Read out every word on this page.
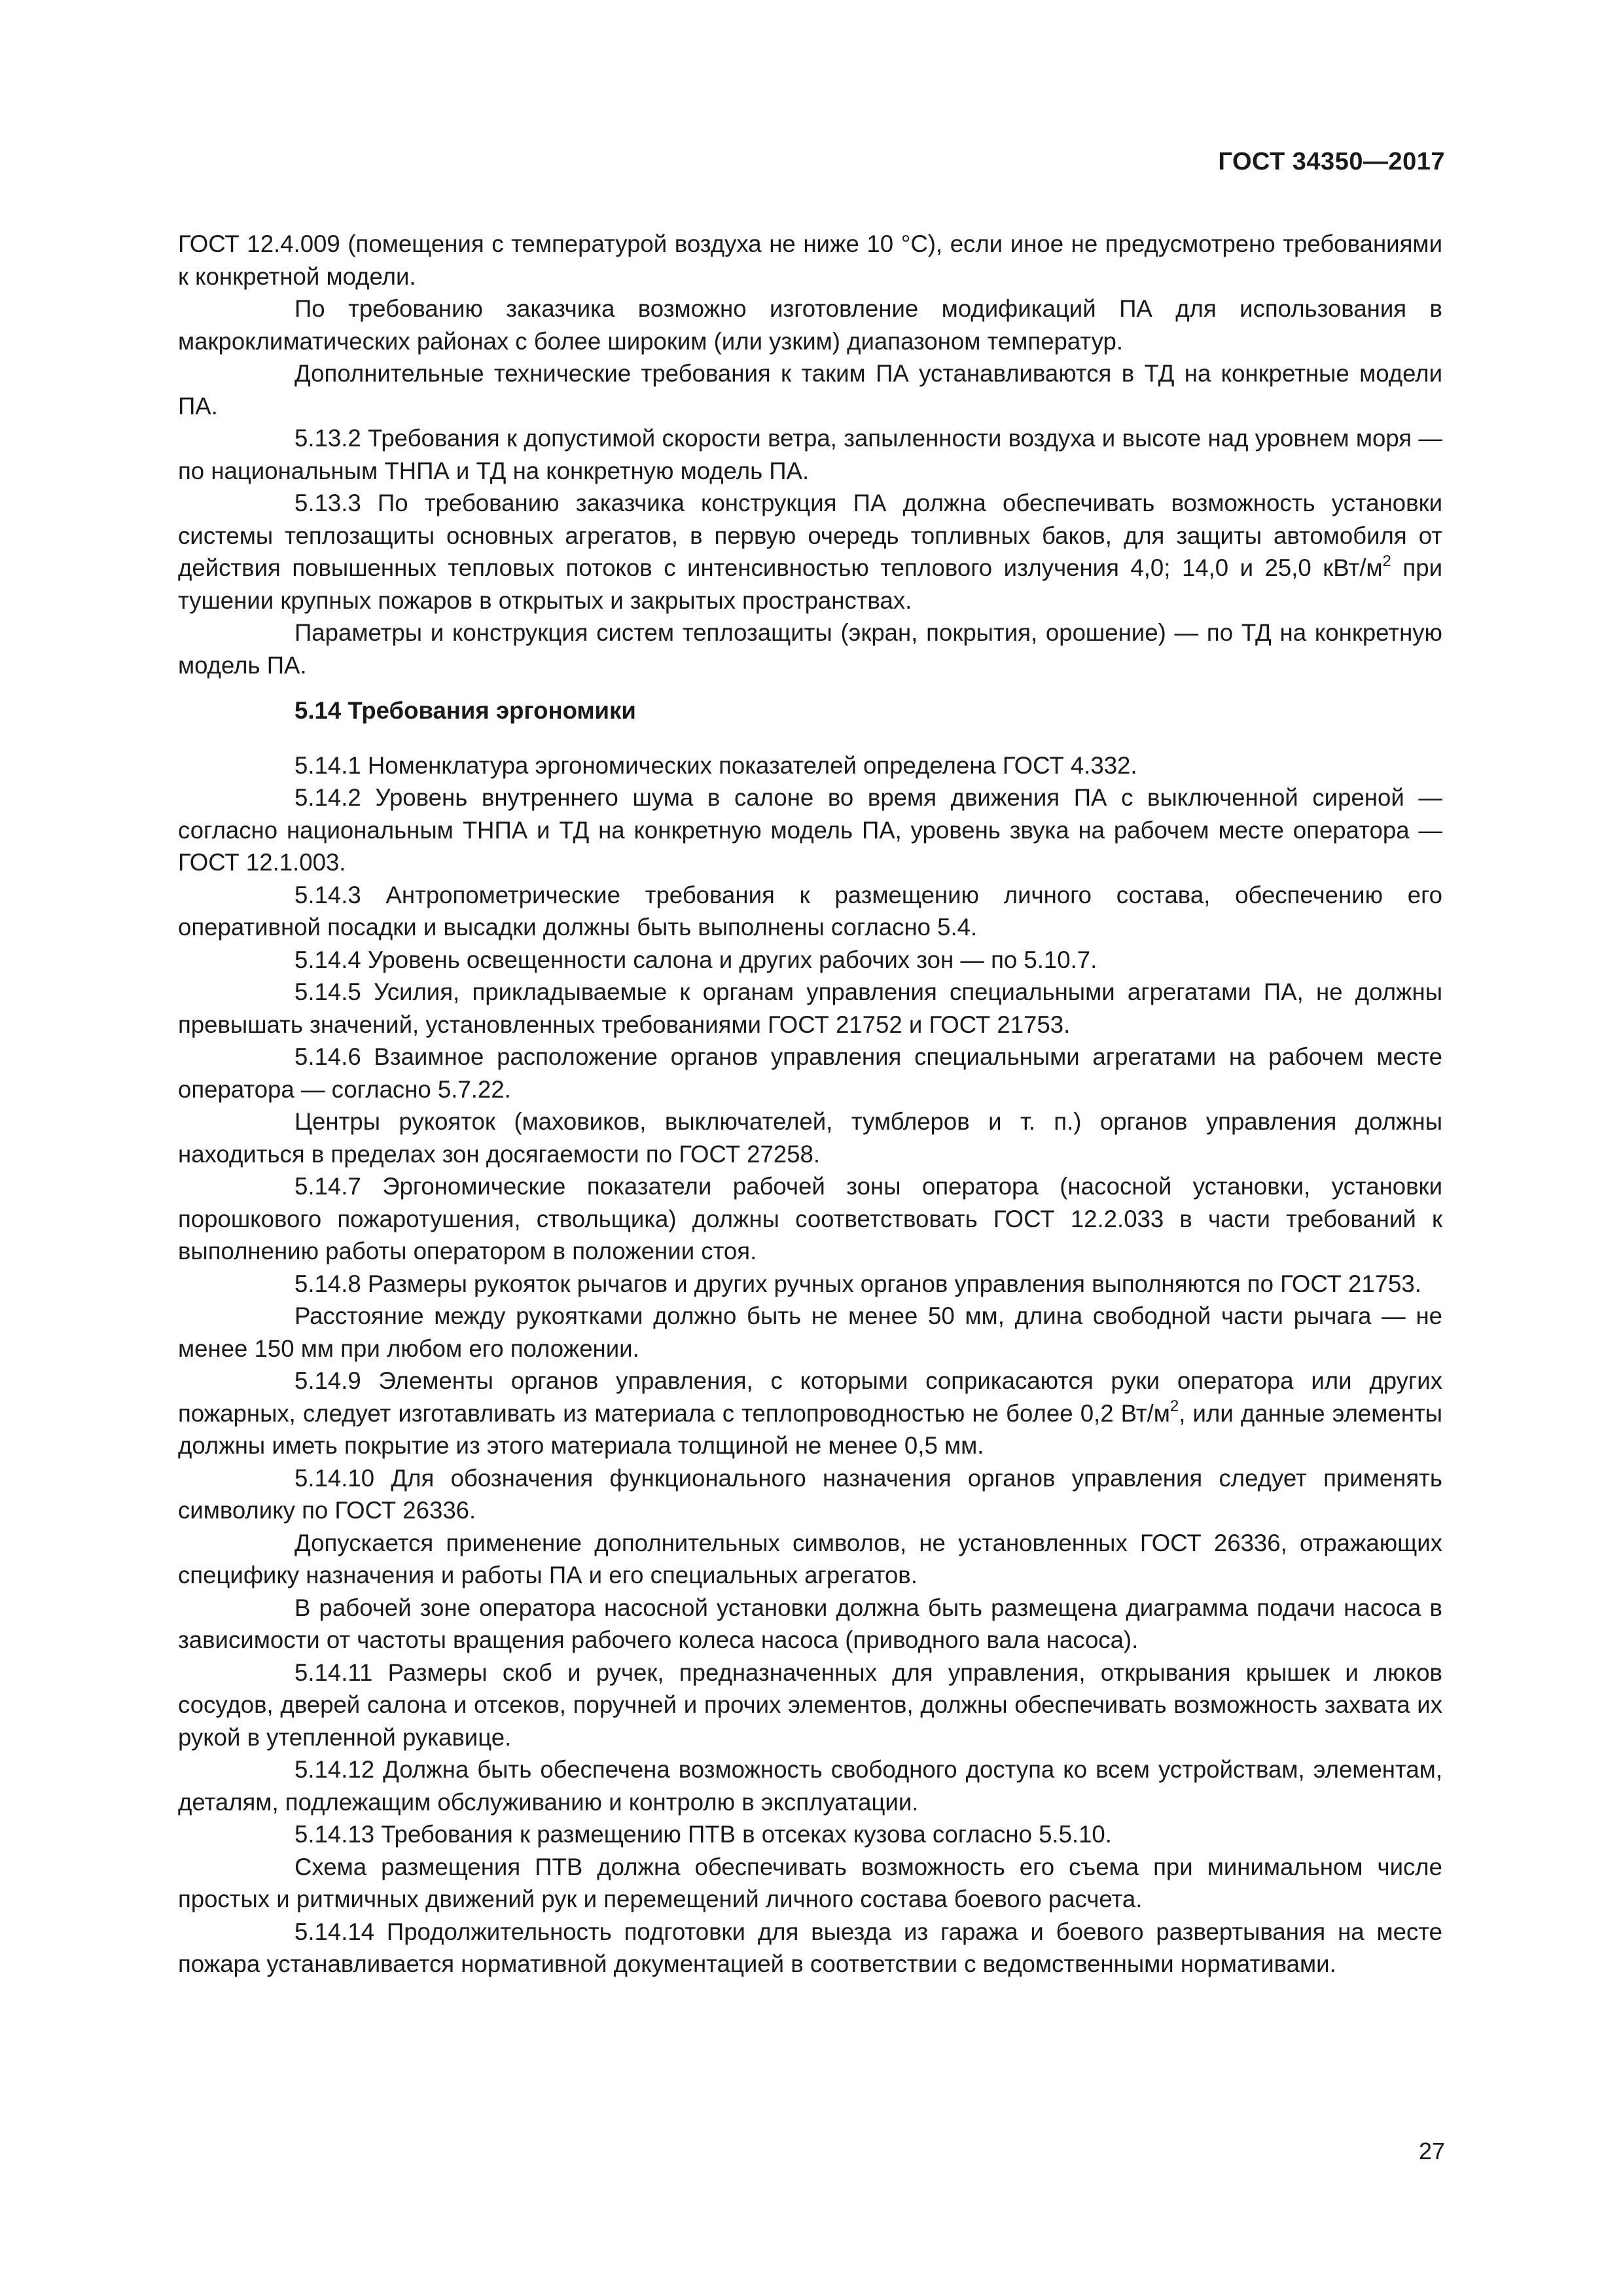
ГОСТ 34350—2017

ГОСТ 12.4.009 (помещения с температурой воздуха не ниже 10 °С), если иное не предусмотрено требованиями к конкретной модели.

По требованию заказчика возможно изготовление модификаций ПА для использования в макроклиматических районах с более широким (или узким) диапазоном температур.

Дополнительные технические требования к таким ПА устанавливаются в ТД на конкретные модели ПА.

5.13.2 Требования к допустимой скорости ветра, запыленности воздуха и высоте над уровнем моря — по национальным ТНПА и ТД на конкретную модель ПА.

5.13.3 По требованию заказчика конструкция ПА должна обеспечивать возможность установки системы теплозащиты основных агрегатов, в первую очередь топливных баков, для защиты автомобиля от действия повышенных тепловых потоков с интенсивностью теплового излучения 4,0; 14,0 и 25,0 кВт/$м^2$ при тушении крупных пожаров в открытых и закрытых пространствах.

Параметры и конструкция систем теплозащиты (экран, покрытия, орошение) — по ТД на конкретную модель ПА.

5.14 Требования эргономики

5.14.1 Номенклатура эргономических показателей определена ГОСТ 4.332.

5.14.2 Уровень внутреннего шума в салоне во время движения ПА с выключенной сиреной — согласно национальным ТНПА и ТД на конкретную модель ПА, уровень звука на рабочем месте оператора — ГОСТ 12.1.003.

5.14.3 Антропометрические требования к размещению личного состава, обеспечению его оперативной посадки и высадки должны быть выполнены согласно 5.4.

5.14.4 Уровень освещенности салона и других рабочих зон — по 5.10.7.

5.14.5 Усилия, прикладываемые к органам управления специальными агрегатами ПА, не должны превышать значений, установленных требованиями ГОСТ 21752 и ГОСТ 21753.

5.14.6 Взаимное расположение органов управления специальными агрегатами на рабочем месте оператора — согласно 5.7.22.

Центры рукояток (маховиков, выключателей, тумблеров и т. п.) органов управления должны находиться в пределах зон досягаемости по ГОСТ 27258.

5.14.7 Эргономические показатели рабочей зоны оператора (насосной установки, установки порошкового пожаротушения, ствольщика) должны соответствовать ГОСТ 12.2.033 в части требований к выполнению работы оператором в положении стоя.

5.14.8 Размеры рукояток рычагов и других ручных органов управления выполняются по ГОСТ 21753.

Расстояние между рукоятками должно быть не менее 50 мм, длина свободной части рычага — не менее 150 мм при любом его положении.

5.14.9 Элементы органов управления, с которыми соприкасаются руки оператора или других пожарных, следует изготавливать из материала с теплопроводностью не более 0,2 $Вт/м^2$, или данные элементы должны иметь покрытие из этого материала толщиной не менее 0,5 мм.

5.14.10 Для обозначения функционального назначения органов управления следует применять символику по ГОСТ 26336.

Допускается применение дополнительных символов, не установленных ГОСТ 26336, отражающих специфику назначения и работы ПА и его специальных агрегатов.

В рабочей зоне оператора насосной установки должна быть размещена диаграмма подачи насоса в зависимости от частоты вращения рабочего колеса насоса (приводного вала насоса).

5.14.11 Размеры скоб и ручек, предназначенных для управления, открывания крышек и люков сосудов, дверей салона и отсеков, поручней и прочих элементов, должны обеспечивать возможность захвата их рукой в утепленной рукавице.

5.14.12 Должна быть обеспечена возможность свободного доступа ко всем устройствам, элементам, деталям, подлежащим обслуживанию и контролю в эксплуатации.

5.14.13 Требования к размещению ПТВ в отсеках кузова согласно 5.5.10.

Схема размещения ПТВ должна обеспечивать возможность его съема при минимальном числе простых и ритмичных движений рук и перемещений личного состава боевого расчета.

5.14.14 Продолжительность подготовки для выезда из гаража и боевого развертывания на месте пожара устанавливается нормативной документацией в соответствии с ведомственными нормативами.

27
